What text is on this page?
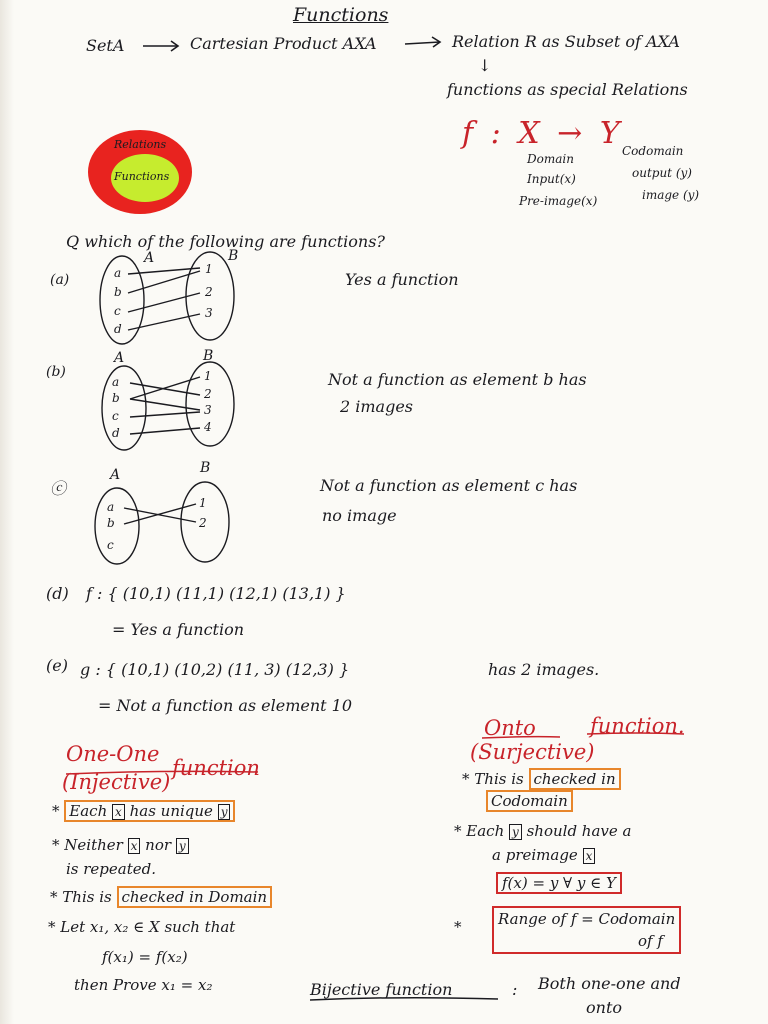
Functions
SetA	Cartesian Product AXA	Relation R as Subset of AXA
↓
functions as special Relations
f : X → Y
Domain
Input(x)
Pre-image(x)
Codomain
output (y)
image (y)
Relations
Functions
Q which of the following are functions?
(a)
A	B
a
b
c
d
1
2
3
Yes a function
(b)
A	B
a
b
c
d
1
2
3
4
Not a function as element b has
2 images
ⓒ
A	B
a
b
c
1
2
Not a function as element c has
no image
(d) f : { (10,1) (11,1) (12,1) (13,1) }
= Yes a function
(e) g : { (10,1) (10,2) (11, 3) (12,3) }	has 2 images.
= Not a function as element 10
One-One
(Injective)
function
* Each x has unique y
* Neither x nor y
is repeated.
* This is checked in Domain
* Let x₁, x₂ ∈ X such that
f(x₁) = f(x₂)
then Prove x₁ = x₂
Onto
(Surjective)
function.
* This is checked in
Codomain
* Each y should have a
a preimage x
f(x) = y ∀ y ∈ Y
* Range of f = Codomain
of f
Bijective function	: Both one-one and
onto
